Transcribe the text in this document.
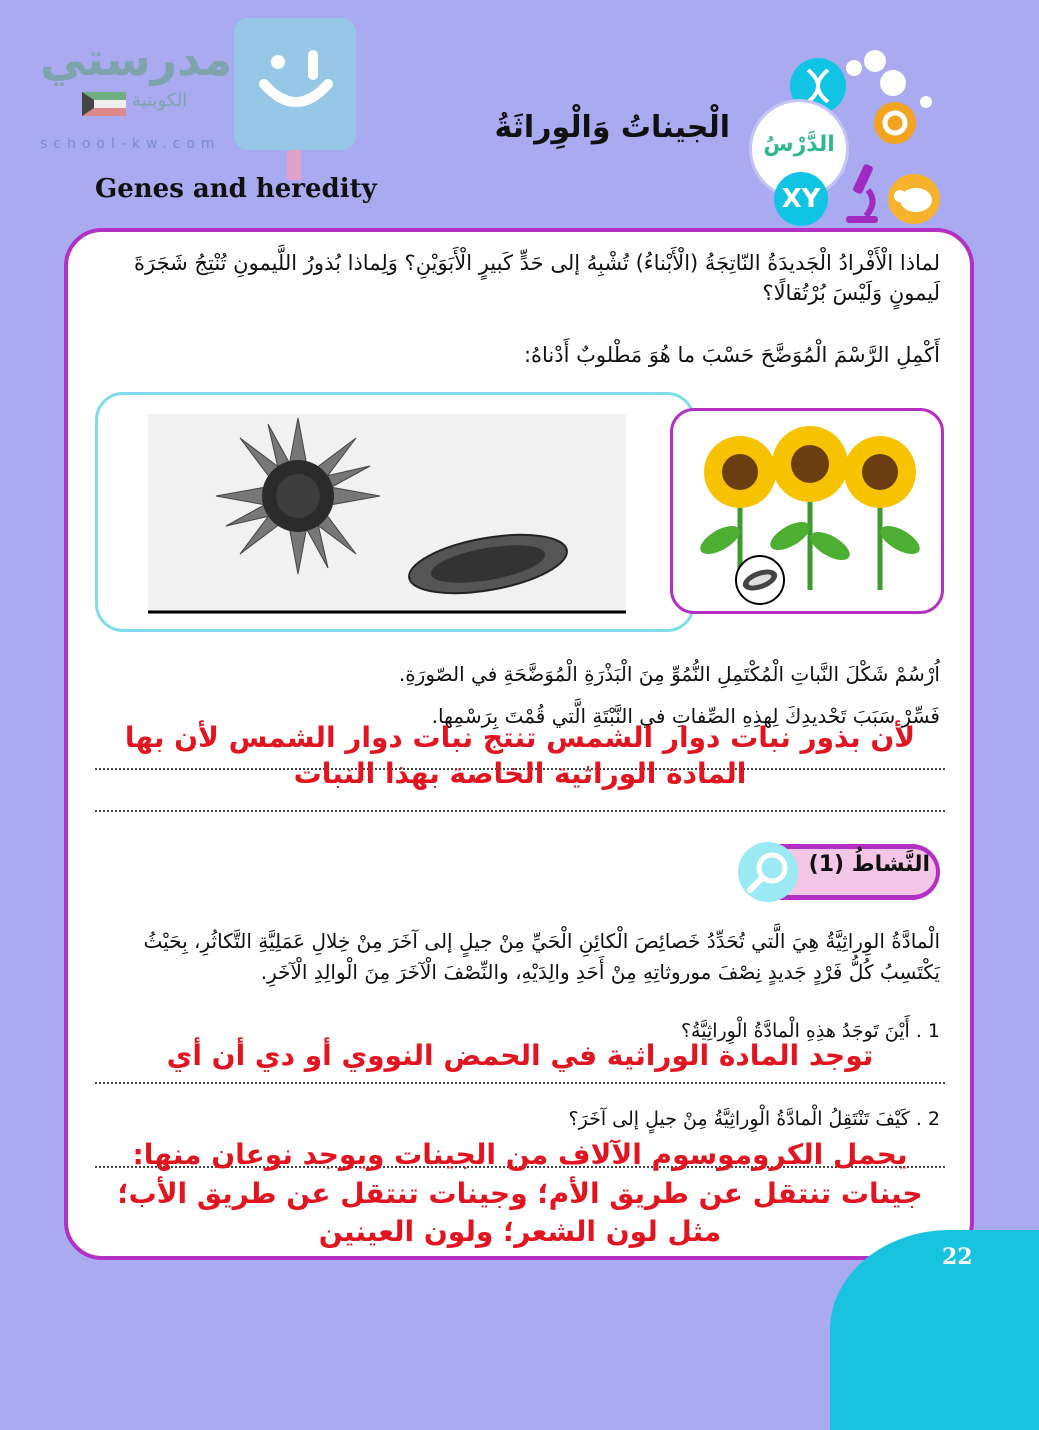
مدرستي
الكويتية
school-kw.com	الْجيناتُ وَالْوِراثَةُ
Genes and heredity
الدَّرْسُ
XY
لماذا الْأَفْرادُ الْجَديدَةُ النّاتِجَةُ (الْأَبْناءُ) تُشْبِهُ إلى حَدٍّ كَبيرٍ الْأَبَوَيْنِ؟ وَلِماذا بُذورُ اللَّيمونِ تُنْتِجُ شَجَرَةَ لَيمونٍ وَلَيْسَ بُرْتُقالًا؟
أَكْمِلِ الرَّسْمَ الْمُوَضَّحَ حَسْبَ ما هُوَ مَطْلوبٌ أَدْناهُ:
اُرْسُمْ شَكْلَ النَّباتِ الْمُكْتَمِلِ النُّمُوِّ مِنَ الْبَذْرَةِ الْمُوَضَّحَةِ في الصّورَةِ.
فَسِّرْ سَبَبَ تَحْديدِكَ لِهذِهِ الصِّفاتِ في النَّبْتَةِ الَّتي قُمْتَ بِرَسْمِها.
لأن بذور نبات دوار الشمس تنتج نبات دوار الشمس لأن بها المادة الوراثية الخاصة بهذا النبات
النَّشاطُ (1)
الْمادَّةُ الوِراثِيَّةُ هِيَ الَّتي تُحَدِّدُ خَصائِصَ الْكائِنِ الْحَيِّ مِنْ جيلٍ إلى آخَرَ مِنْ خِلالِ عَمَلِيَّةِ التَّكاثُرِ، بِحَيْثُ يَكْتَسِبُ كُلُّ فَرْدٍ جَديدٍ نِصْفَ موروثاتِهِ مِنْ أَحَدِ والِدَيْهِ، والنِّصْفَ الْآخَرَ مِنَ الْوالِدِ الْآخَرِ.
1 . أَيْنَ تَوجَدُ هذِهِ الْمادَّةُ الْوِراثِيَّةُ؟
توجد المادة الوراثية في الحمض النووي أو دي أن أي
2 . كَيْفَ تَنْتَقِلُ الْمادَّةُ الْوِراثِيَّةُ مِنْ جيلٍ إلى آخَرَ؟
يحمل الكروموسوم الآلاف من الجينات ويوجد نوعان منها: جينات تنتقل عن طريق الأم؛ وجينات تنتقل عن طريق الأب؛ مثل لون الشعر؛ ولون العينين
22
